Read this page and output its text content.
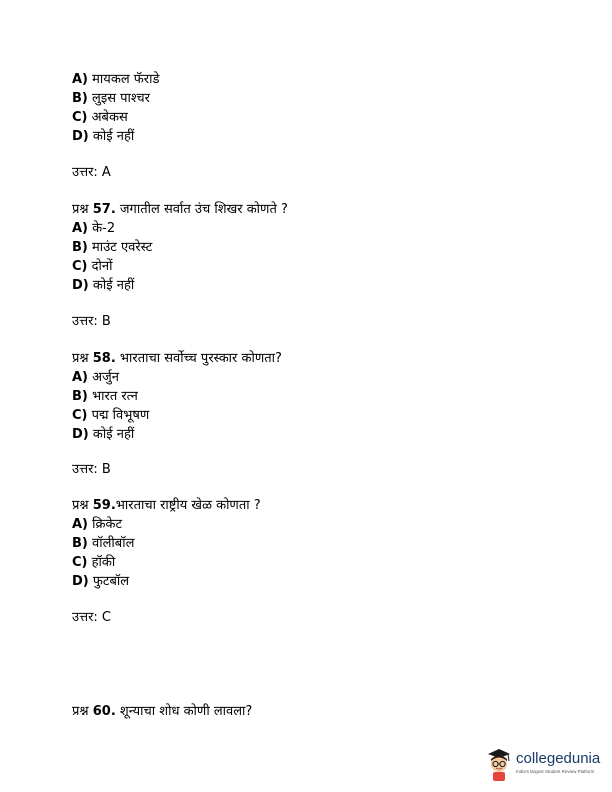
A) मायकल फॅराडे
B) लुइस पाश्चर
C) अबेकस
D) कोई नहीं
उत्तर: A
प्रश्न 57. जगातील सर्वात उंच शिखर कोणते ?
A) के-2
B) माउंट एवरेस्ट
C) दोनों
D) कोई नहीं
उत्तर: B
प्रश्न 58. भारताचा सर्वोच्च पुरस्कार कोणता?
A) अर्जुन
B) भारत रत्न
C) पद्म विभूषण
D) कोई नहीं
उत्तर: B
प्रश्न 59.भारताचा राष्ट्रीय खेळ कोणता ?
A) क्रिकेट
B) वॉलीबॉल
C) हॉकी
D) फुटबॉल
उत्तर: C
प्रश्न 60. शून्याचा शोध कोणी लावला?
collegedunia
India's largest Student Review Platform
